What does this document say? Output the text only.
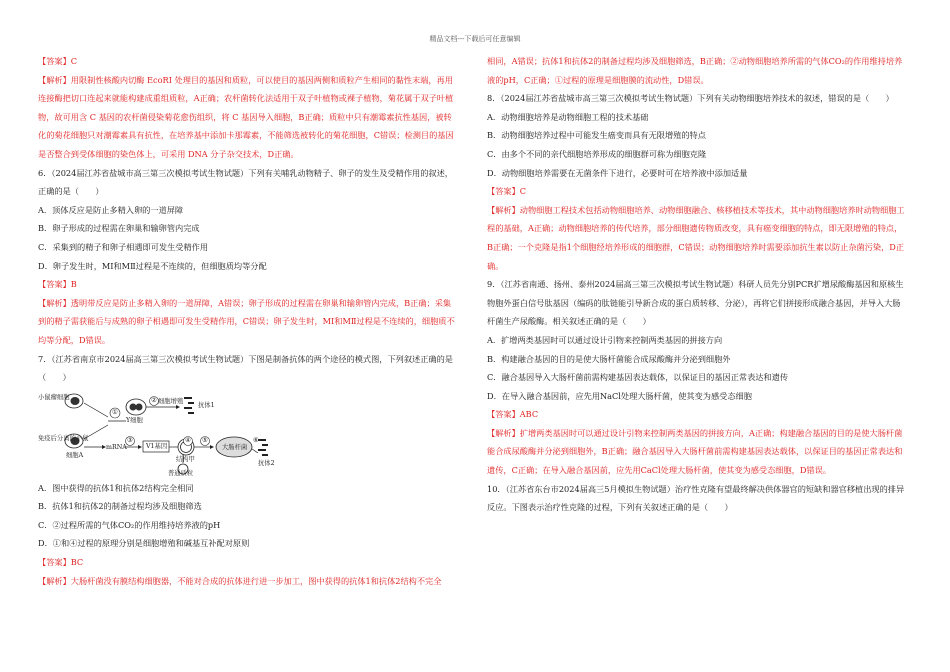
精品文档---下载后可任意编辑

【答案】C

【解析】用限制性核酸内切酶 EcoRI 处理目的基因和质粒，可以使目的基因两侧和质粒产生相同的黏性末端，再用连接酶把切口连起来就能构建成重组质粒，A正确；农杆菌转化法适用于双子叶植物或裸子植物，菊花属于双子叶植物，故可用含 C 基因的农杆菌侵染菊花愈伤组织，将 C 基因导入细胞，B正确；质粒中只有潮霉素抗性基因，被转化的菊花细胞只对潮霉素具有抗性，在培养基中添加卡那霉素，不能筛选被转化的菊花细胞，C错误；检测目的基因是否整合到受体细胞的染色体上，可采用 DNA 分子杂交技术，D正确。

6．（2024届江苏省盐城市高三第三次模拟考试生物试题）下列有关哺乳动物精子、卵子的发生及受精作用的叙述，正确的是（　　）

A．顶体反应是防止多精入卵的一道屏障

B．卵子形成的过程需在卵巢和输卵管内完成

C．采集到的精子和卵子相遇即可发生受精作用

D．卵子发生时，MⅠ和MⅡ过程是不连续的，但细胞质均等分配

【答案】B

【解析】透明带反应是防止多精入卵的一道屏障，A错误；卵子形成的过程需在卵巢和输卵管内完成，B正确；采集到的精子需获能后与成熟的卵子相遇即可发生受精作用，C错误；卵子发生时，MⅠ和MⅡ过程是不连续的，细胞质不均等分配，D错误。

7．（江苏省南京市2024届高三第三次模拟考试生物试题）下图是制备抗体的两个途径的模式图，下列叙述正确的是（　　）

小鼠瘤细胞
免疫后分离的小鼠
细胞A
Y细胞
细胞增殖
抗体1
mRNA	V1基因
结构甲
大肠杆菌
普通质粒
抗体2
①
②
③	④ ⑤	⑥

A．图中获得的抗体1和抗体2结构完全相同

B．抗体1和抗体2的制备过程均涉及细胞筛选

C．②过程所需的气体CO₂的作用维持培养液的pH

D．①和④过程的原理分别是细胞增殖和碱基互补配对原则

【答案】BC

【解析】大肠杆菌没有膜结构细胞器，不能对合成的抗体进行进一步加工，图中获得的抗体1和抗体2结构不完全

相同，A错误；抗体1和抗体2的制备过程均涉及细胞筛选，B正确；②动物细胞培养所需的气体CO₂的作用维持培养液的pH，C正确；①过程的原理是细胞膜的流动性，D错误。

8．（2024届江苏省盐城市高三第三次模拟考试生物试题）下列有关动物细胞培养技术的叙述，错误的是（　　）

A．动物细胞培养是动物细胞工程的技术基础

B．动物细胞培养过程中可能发生癌变而具有无限增殖的特点

C．由多个不同的亲代细胞培养形成的细胞群可称为细胞克隆

D．动物细胞培养需要在无菌条件下进行，必要时可在培养液中添加适量

【答案】C

【解析】动物细胞工程技术包括动物细胞培养、动物细胞融合、核移植技术等技术，其中动物细胞培养时动物细胞工程的基础，A正确；动物细胞培养的传代培养，部分细胞遗传物质改变，具有癌变细胞的特点，即无限增殖的特点，B正确；一个克隆是指1个细胞经培养形成的细胞群，C错误；动物细胞培养时需要添加抗生素以防止杂菌污染，D正确。

9．（江苏省南通、扬州、泰州2024届高三第三次模拟考试生物试题）科研人员先分别PCR扩增尿酸酶基因和原核生物胞外蛋白信号肽基因（编码的肽链能引导新合成的蛋白质转移、分泌），再将它们拼接形成融合基因，并导入大肠杆菌生产尿酸酶。相关叙述正确的是（　　）

A．扩增两类基因时可以通过设计引物来控制两类基因的拼接方向

B．构建融合基因的目的是使大肠杆菌能合成尿酸酶并分泌到细胞外

C．融合基因导入大肠杆菌前需构建基因表达载体，以保证目的基因正常表达和遗传

D．在导入融合基因前，应先用NaCl处理大肠杆菌，使其变为感受态细胞

【答案】ABC

【解析】扩增两类基因时可以通过设计引物来控制两类基因的拼接方向，A正确；构建融合基因的目的是使大肠杆菌能合成尿酸酶并分泌到细胞外，B正确；融合基因导入大肠杆菌前需构建基因表达载体，以保证目的基因正常表达和遗传，C正确；在导入融合基因前，应先用CaCl处理大肠杆菌，使其变为感受态细胞，D错误。

10．（江苏省东台市2024届高三5月模拟生物试题）治疗性克隆有望最终解决供体器官的短缺和器官移植出现的排异反应。下图表示治疗性克隆的过程，下列有关叙述正确的是（　　）
